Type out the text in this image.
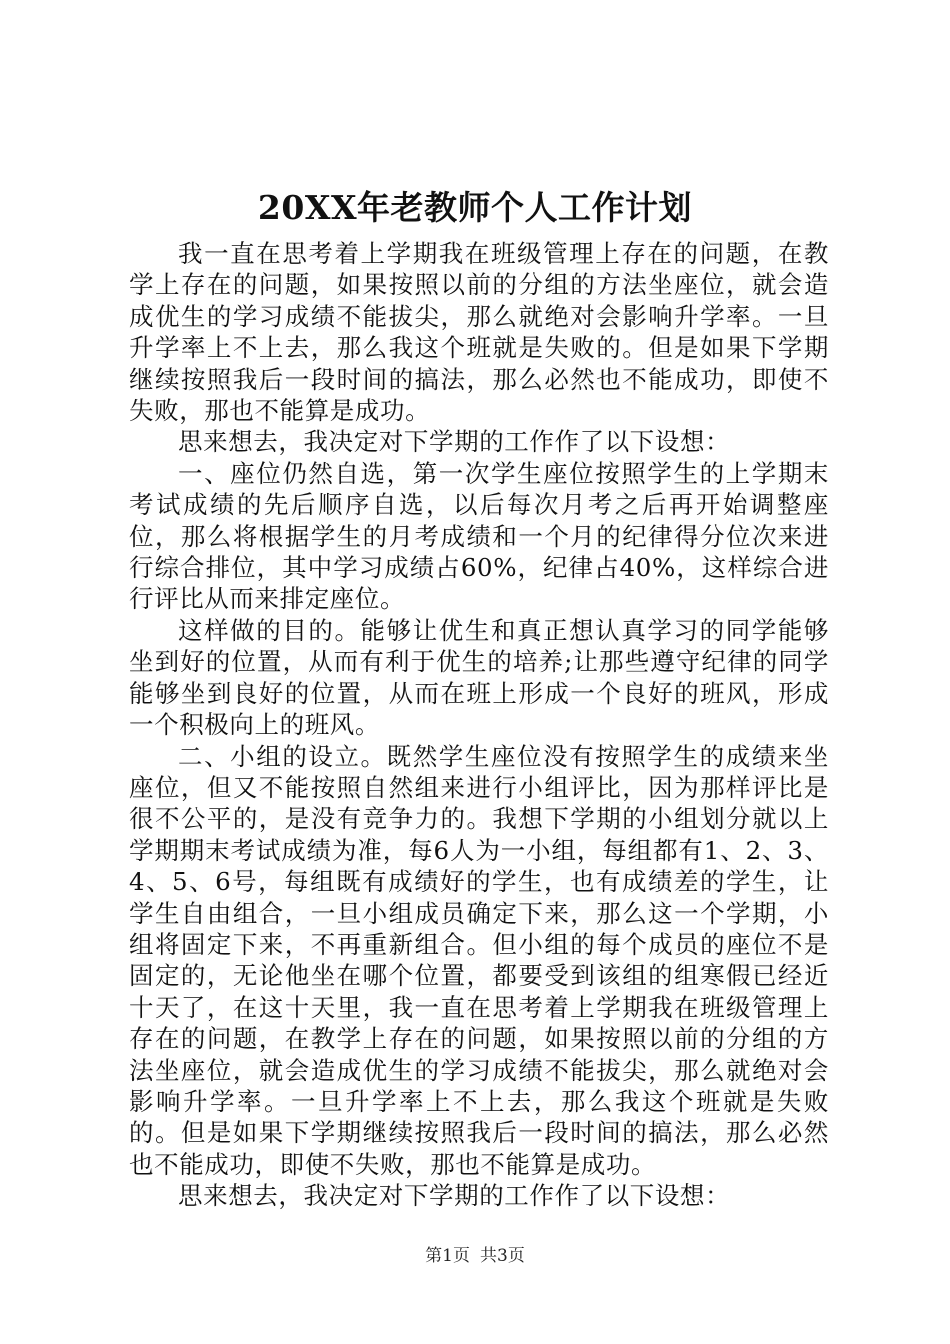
20XX年老教师个人工作计划

我一直在思考着上学期我在班级管理上存在的问题，在教学上存在的问题，如果按照以前的分组的方法坐座位，就会造成优生的学习成绩不能拔尖，那么就绝对会影响升学率。一旦升学率上不上去，那么我这个班就是失败的。但是如果下学期继续按照我后一段时间的搞法，那么必然也不能成功，即使不失败，那也不能算是成功。

思来想去，我决定对下学期的工作作了以下设想：

一、座位仍然自选，第一次学生座位按照学生的上学期末考试成绩的先后顺序自选，以后每次月考之后再开始调整座位，那么将根据学生的月考成绩和一个月的纪律得分位次来进行综合排位，其中学习成绩占60%，纪律占40%，这样综合进行评比从而来排定座位。

这样做的目的。能够让优生和真正想认真学习的同学能够坐到好的位置，从而有利于优生的培养;让那些遵守纪律的同学能够坐到良好的位置，从而在班上形成一个良好的班风，形成一个积极向上的班风。

二、小组的设立。既然学生座位没有按照学生的成绩来坐座位，但又不能按照自然组来进行小组评比，因为那样评比是很不公平的，是没有竞争力的。我想下学期的小组划分就以上学期期末考试成绩为准，每6人为一小组，每组都有1、2、3、4、5、6号，每组既有成绩好的学生，也有成绩差的学生，让学生自由组合，一旦小组成员确定下来，那么这一个学期，小组将固定下来，不再重新组合。但小组的每个成员的座位不是固定的，无论他坐在哪个位置，都要受到该组的组寒假已经近十天了，在这十天里，我一直在思考着上学期我在班级管理上存在的问题，在教学上存在的问题，如果按照以前的分组的方法坐座位，就会造成优生的学习成绩不能拔尖，那么就绝对会影响升学率。一旦升学率上不上去，那么我这个班就是失败的。但是如果下学期继续按照我后一段时间的搞法，那么必然也不能成功，即使不失败，那也不能算是成功。

思来想去，我决定对下学期的工作作了以下设想：

第1页 共3页
